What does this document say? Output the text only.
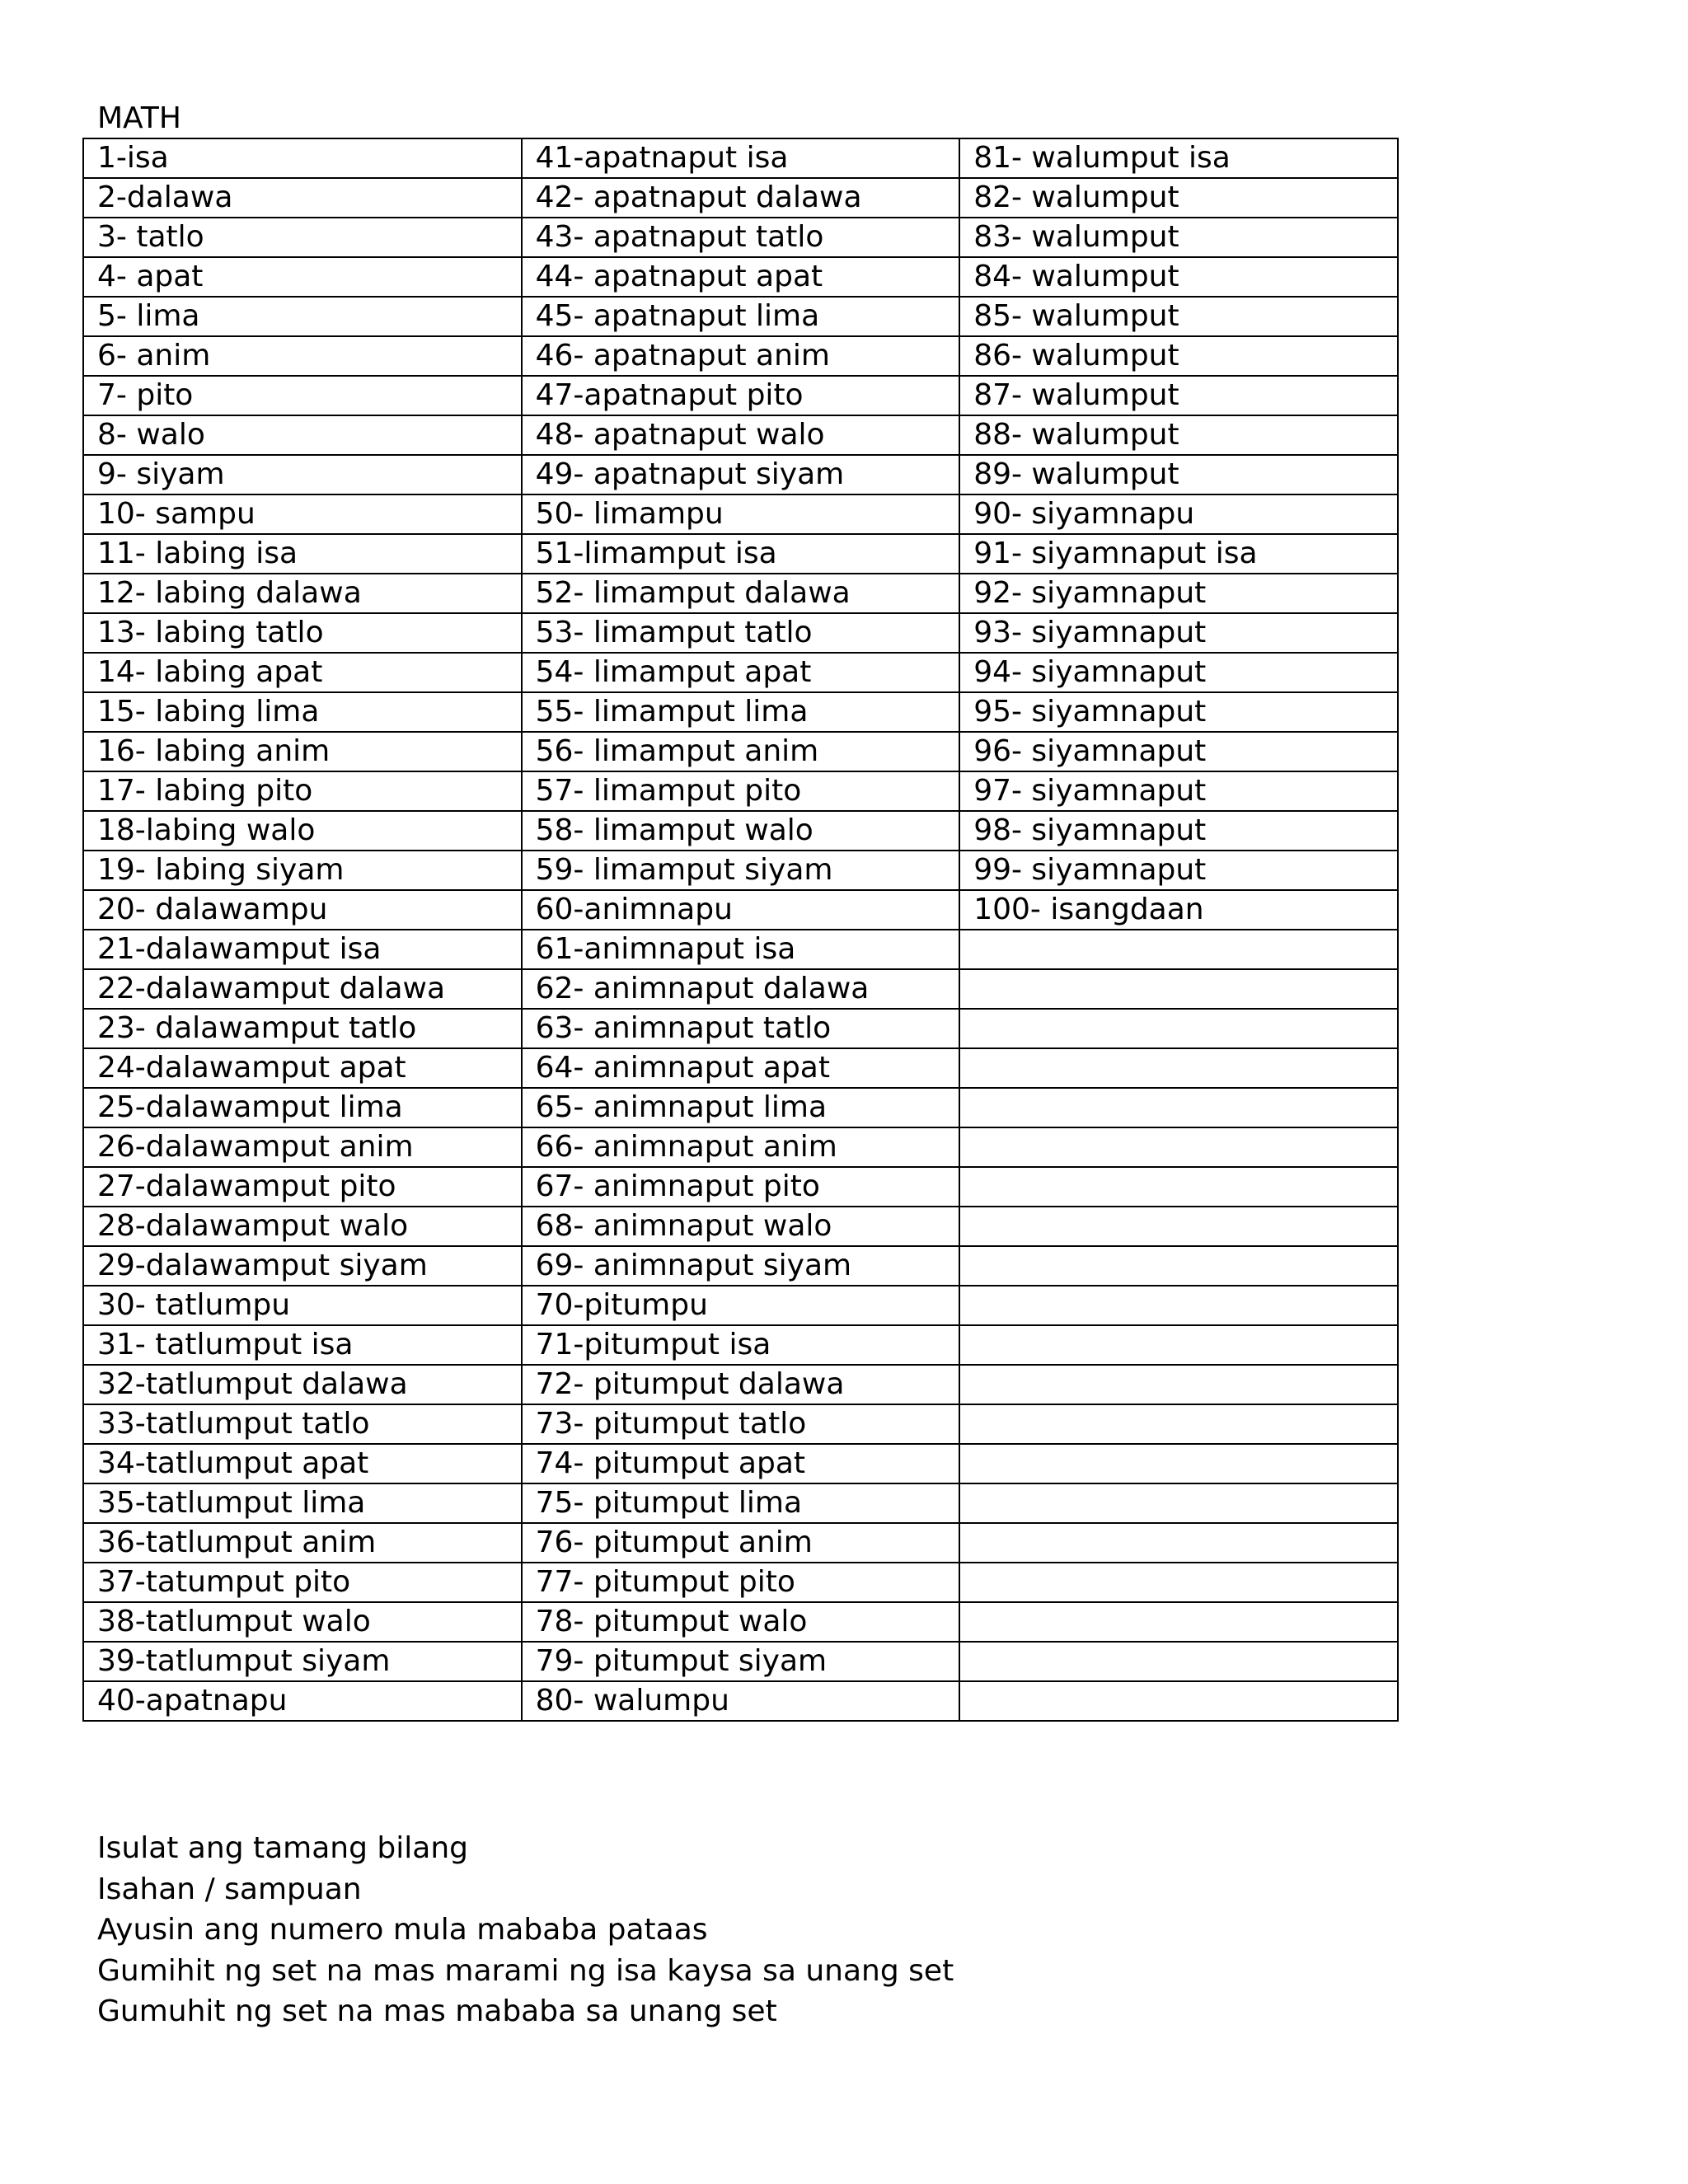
MATH
1-isa	41-apatnaput isa	81- walumput isa
2-dalawa	42- apatnaput dalawa	82- walumput
3- tatlo	43- apatnaput tatlo	83- walumput
4- apat	44- apatnaput apat	84- walumput
5- lima	45- apatnaput lima	85- walumput
6- anim	46- apatnaput anim	86- walumput
7- pito	47-apatnaput pito	87- walumput
8- walo	48- apatnaput walo	88- walumput
9- siyam	49- apatnaput siyam	89- walumput
10- sampu	50- limampu	90- siyamnapu
11- labing isa	51-limamput isa	91- siyamnaput isa
12- labing dalawa	52- limamput dalawa	92- siyamnaput
13- labing tatlo	53- limamput tatlo	93- siyamnaput
14- labing apat	54- limamput apat	94- siyamnaput
15- labing lima	55- limamput lima	95- siyamnaput
16- labing anim	56- limamput anim	96- siyamnaput
17- labing pito	57- limamput pito	97- siyamnaput
18-labing walo	58- limamput walo	98- siyamnaput
19- labing siyam	59- limamput siyam	99- siyamnaput
20- dalawampu	60-animnapu	100- isangdaan
21-dalawamput isa	61-animnaput isa	
22-dalawamput dalawa	62- animnaput dalawa	
23- dalawamput tatlo	63- animnaput tatlo	
24-dalawamput apat	64- animnaput apat	
25-dalawamput lima	65- animnaput lima	
26-dalawamput anim	66- animnaput anim	
27-dalawamput pito	67- animnaput pito	
28-dalawamput walo	68- animnaput walo	
29-dalawamput siyam	69- animnaput siyam	
30- tatlumpu	70-pitumpu	
31- tatlumput isa	71-pitumput isa	
32-tatlumput dalawa	72- pitumput dalawa	
33-tatlumput tatlo	73- pitumput tatlo	
34-tatlumput apat	74- pitumput apat	
35-tatlumput lima	75- pitumput lima	
36-tatlumput anim	76- pitumput anim	
37-tatumput pito	77- pitumput pito	
38-tatlumput walo	78- pitumput walo	
39-tatlumput siyam	79- pitumput siyam	
40-apatnapu	80- walumpu	
Isulat ang tamang bilang
Isahan / sampuan
Ayusin ang numero mula mababa pataas
Gumihit ng set na mas marami ng isa kaysa sa unang set
Gumuhit ng set na mas mababa sa unang set
